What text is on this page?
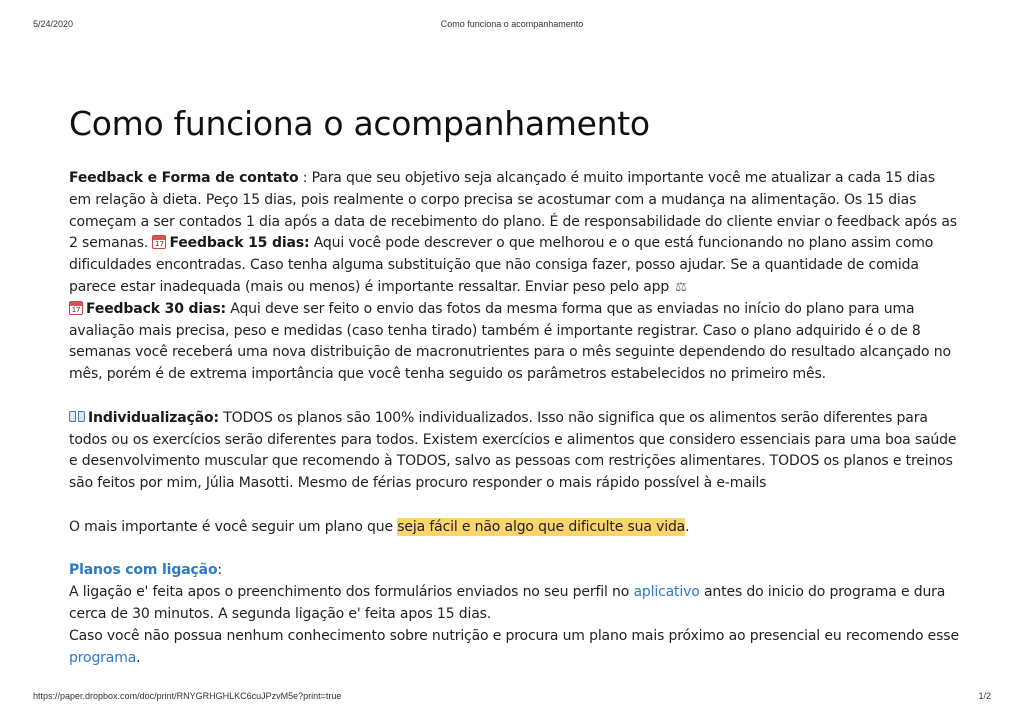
5/24/2020	Como funciona o acompanhamento
Como funciona o acompanhamento

Feedback e Forma de contato : Para que seu objetivo seja alcançado é muito importante você me atualizar a cada 15 dias em relação à dieta. Peço 15 dias, pois realmente o corpo precisa se acostumar com a mudança na alimentação. Os 15 dias começam a ser contados 1 dia após a data de recebimento do plano. É de responsabilidade do cliente enviar o feedback após as 2 semanas. 17 Feedback 15 dias: Aqui você pode descrever o que melhorou e o que está funcionando no plano assim como dificuldades encontradas. Caso tenha alguma substituição que não consiga fazer, posso ajudar. Se a quantidade de comida parece estar inadequada (mais ou menos) é importante ressaltar. Enviar peso pelo app ⚖

17 Feedback 30 dias: Aqui deve ser feito o envio das fotos da mesma forma que as enviadas no início do plano para uma avaliação mais precisa, peso e medidas (caso tenha tirado) também é importante registrar. Caso o plano adquirido é o de 8 semanas você receberá uma nova distribuição de macronutrientes para o mês seguinte dependendo do resultado alcançado no mês, porém é de extrema importância que você tenha seguido os parâmetros estabelecidos no primeiro mês.

Individualização: TODOS os planos são 100% individualizados. Isso não significa que os alimentos serão diferentes para todos ou os exercícios serão diferentes para todos. Existem exercícios e alimentos que considero essenciais para uma boa saúde e desenvolvimento muscular que recomendo à TODOS, salvo as pessoas com restrições alimentares. TODOS os planos e treinos são feitos por mim, Júlia Masotti. Mesmo de férias procuro responder o mais rápido possível à e-mails

O mais importante é você seguir um plano que seja fácil e não algo que dificulte sua vida.

Planos com ligação:
A ligação e' feita apos o preenchimento dos formulários enviados no seu perfil no aplicativo antes do inicio do programa e dura cerca de 30 minutos. A segunda ligação e' feita apos 15 dias.
Caso você não possua nenhum conhecimento sobre nutrição e procura um plano mais próximo ao presencial eu recomendo esse programa.

https://paper.dropbox.com/doc/print/RNYGRHGHLKC6cuJPzvM5e?print=true	1/2
